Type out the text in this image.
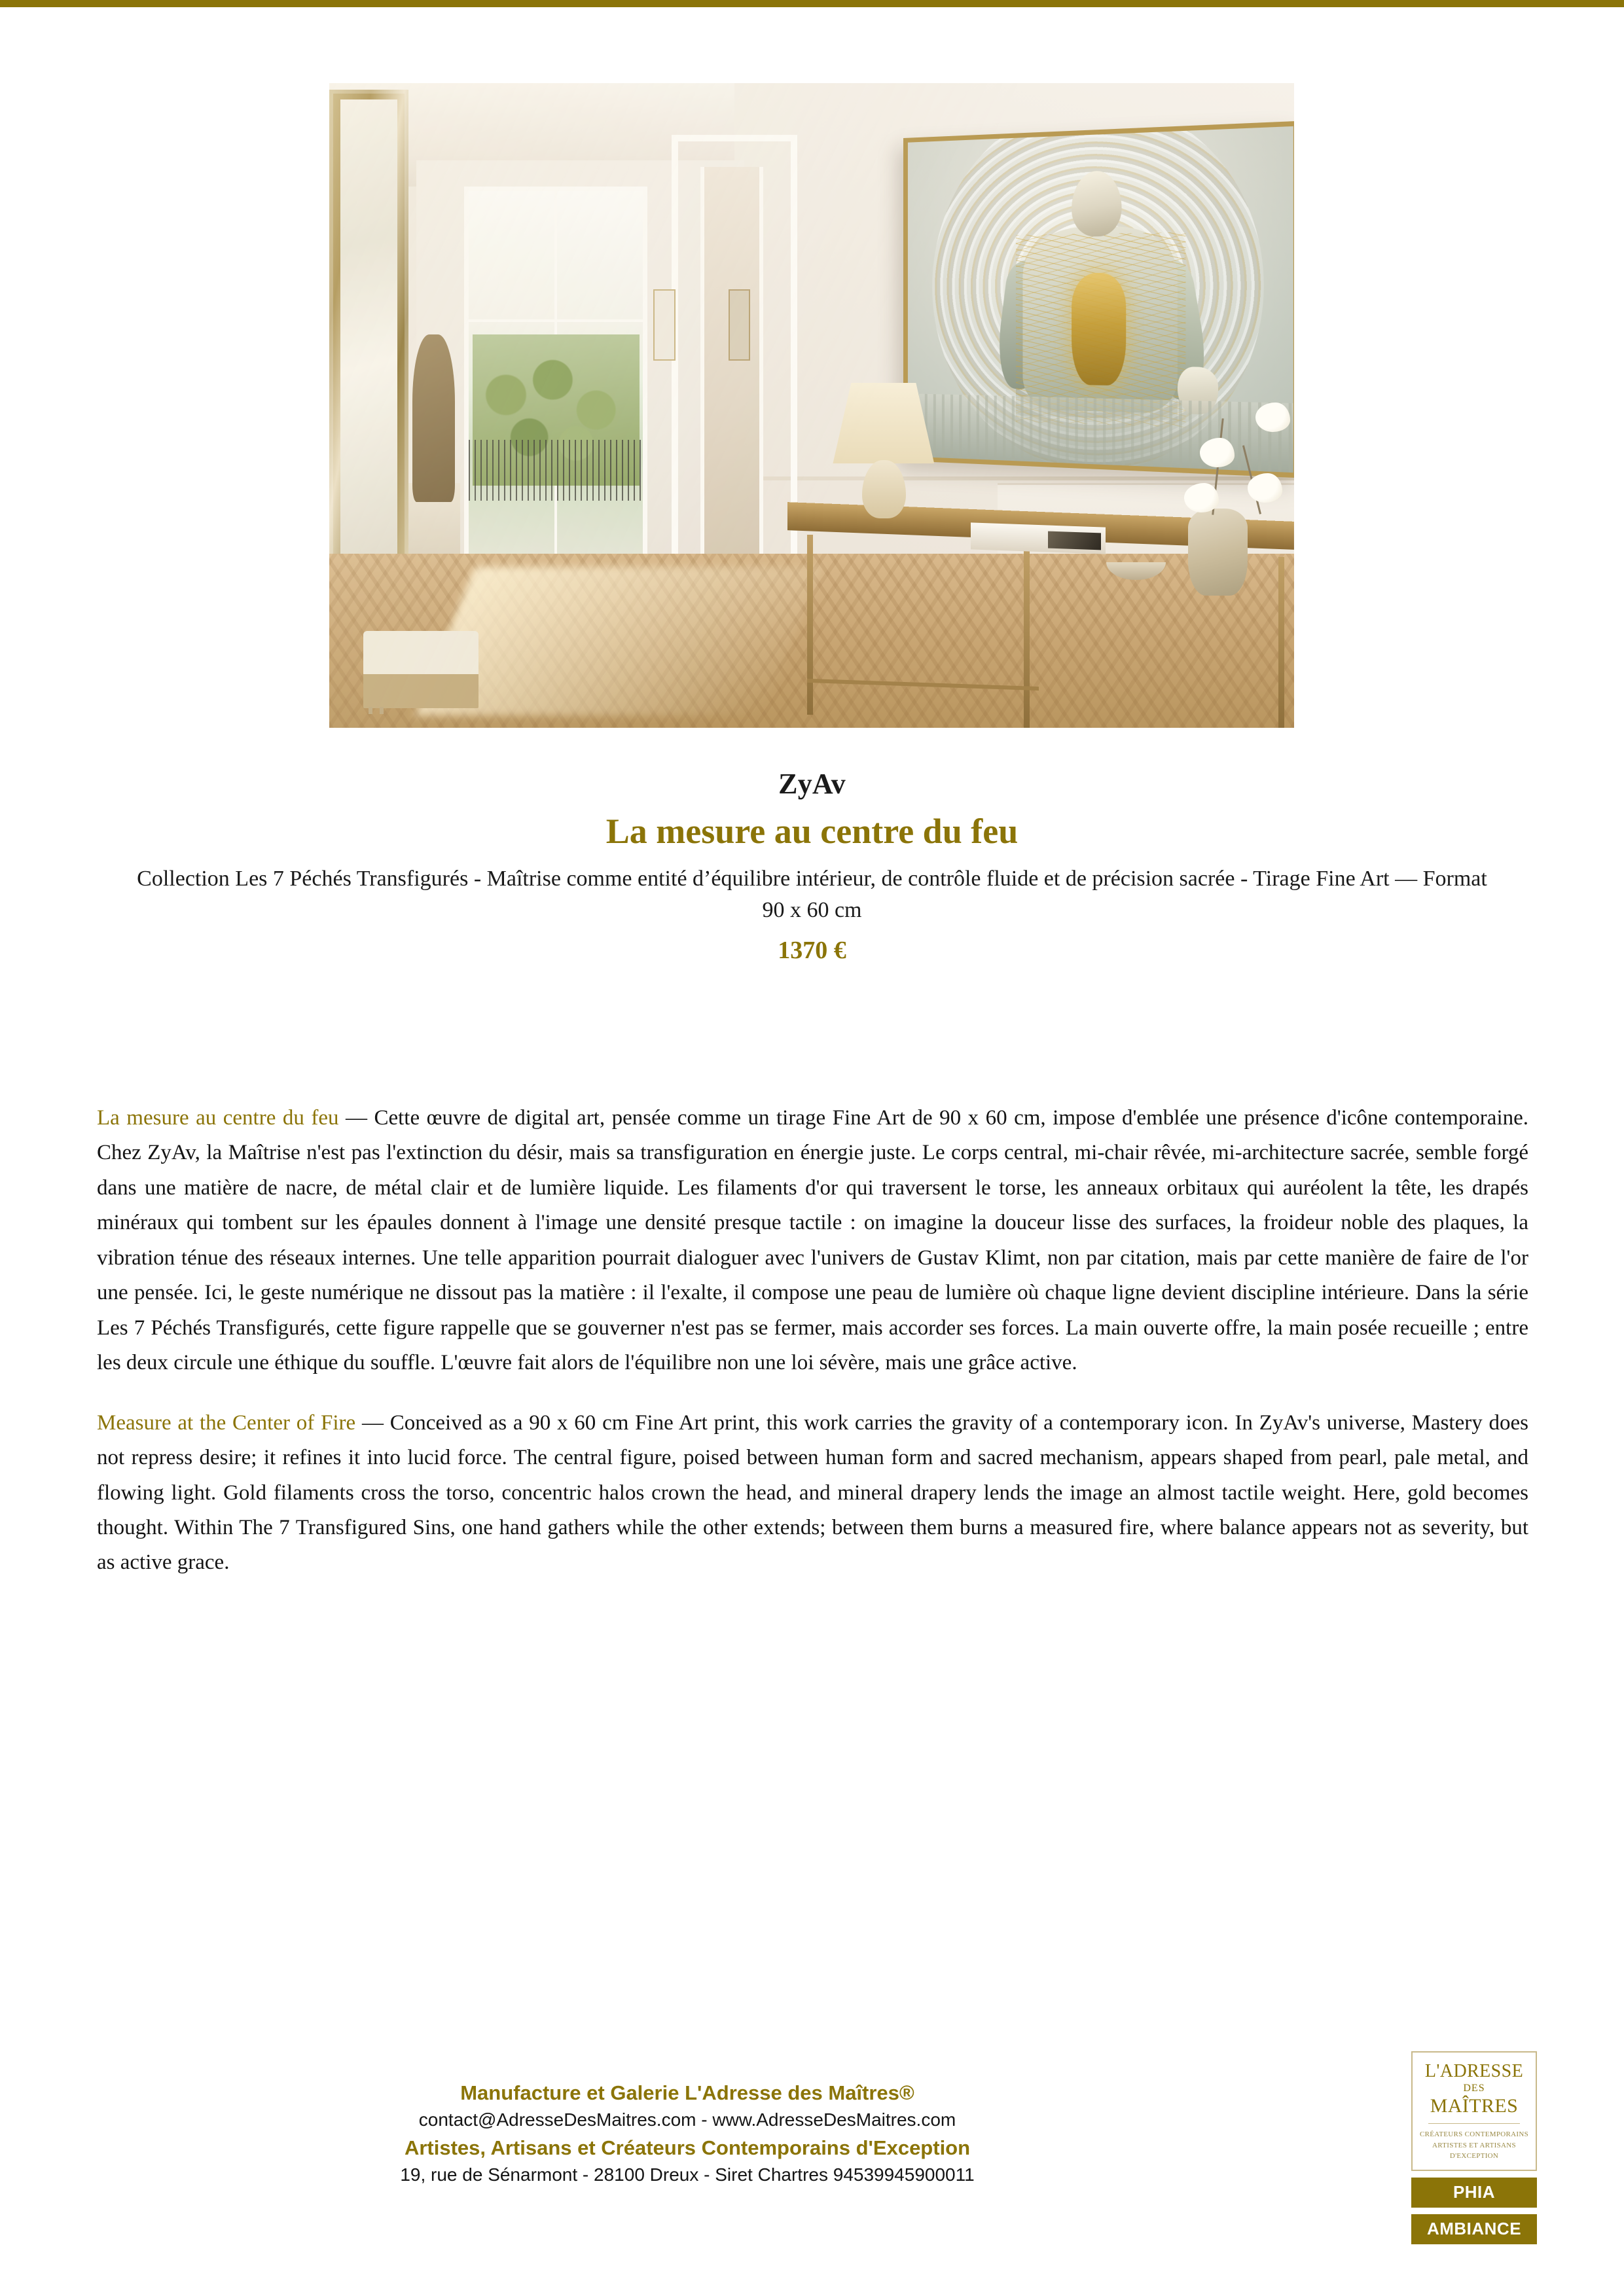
ZyAv

La mesure au centre du feu

Collection Les 7 Péchés Transfigurés - Maîtrise comme entité d’équilibre intérieur, de contrôle fluide et de précision sacrée - Tirage Fine Art — Format 90 x 60 cm

1370 €

La mesure au centre du feu — Cette œuvre de digital art, pensée comme un tirage Fine Art de 90 x 60 cm, impose d'emblée une présence d'icône contemporaine. Chez ZyAv, la Maîtrise n'est pas l'extinction du désir, mais sa transfiguration en énergie juste. Le corps central, mi-chair rêvée, mi-architecture sacrée, semble forgé dans une matière de nacre, de métal clair et de lumière liquide. Les filaments d'or qui traversent le torse, les anneaux orbitaux qui auréolent la tête, les drapés minéraux qui tombent sur les épaules donnent à l'image une densité presque tactile : on imagine la douceur lisse des surfaces, la froideur noble des plaques, la vibration ténue des réseaux internes. Une telle apparition pourrait dialoguer avec l'univers de Gustav Klimt, non par citation, mais par cette manière de faire de l'or une pensée. Ici, le geste numérique ne dissout pas la matière : il l'exalte, il compose une peau de lumière où chaque ligne devient discipline intérieure. Dans la série Les 7 Péchés Transfigurés, cette figure rappelle que se gouverner n'est pas se fermer, mais accorder ses forces. La main ouverte offre, la main posée recueille ; entre les deux circule une éthique du souffle. L'œuvre fait alors de l'équilibre non une loi sévère, mais une grâce active.

Measure at the Center of Fire — Conceived as a 90 x 60 cm Fine Art print, this work carries the gravity of a contemporary icon. In ZyAv's universe, Mastery does not repress desire; it refines it into lucid force. The central figure, poised between human form and sacred mechanism, appears shaped from pearl, pale metal, and flowing light. Gold filaments cross the torso, concentric halos crown the head, and mineral drapery lends the image an almost tactile weight. Here, gold becomes thought. Within The 7 Transfigured Sins, one hand gathers while the other extends; between them burns a measured fire, where balance appears not as severity, but as active grace.

Manufacture et Galerie L'Adresse des Maîtres®

contact@AdresseDesMaitres.com - www.AdresseDesMaitres.com

Artistes, Artisans et Créateurs Contemporains d'Exception

19, rue de Sénarmont - 28100 Dreux - Siret Chartres 94539945900011

L'ADRESSE
DES
MAÎTRES
CRÉATEURS CONTEMPORAINS
ARTISTES ET ARTISANS
D'EXCEPTION
PHIA
AMBIANCE
